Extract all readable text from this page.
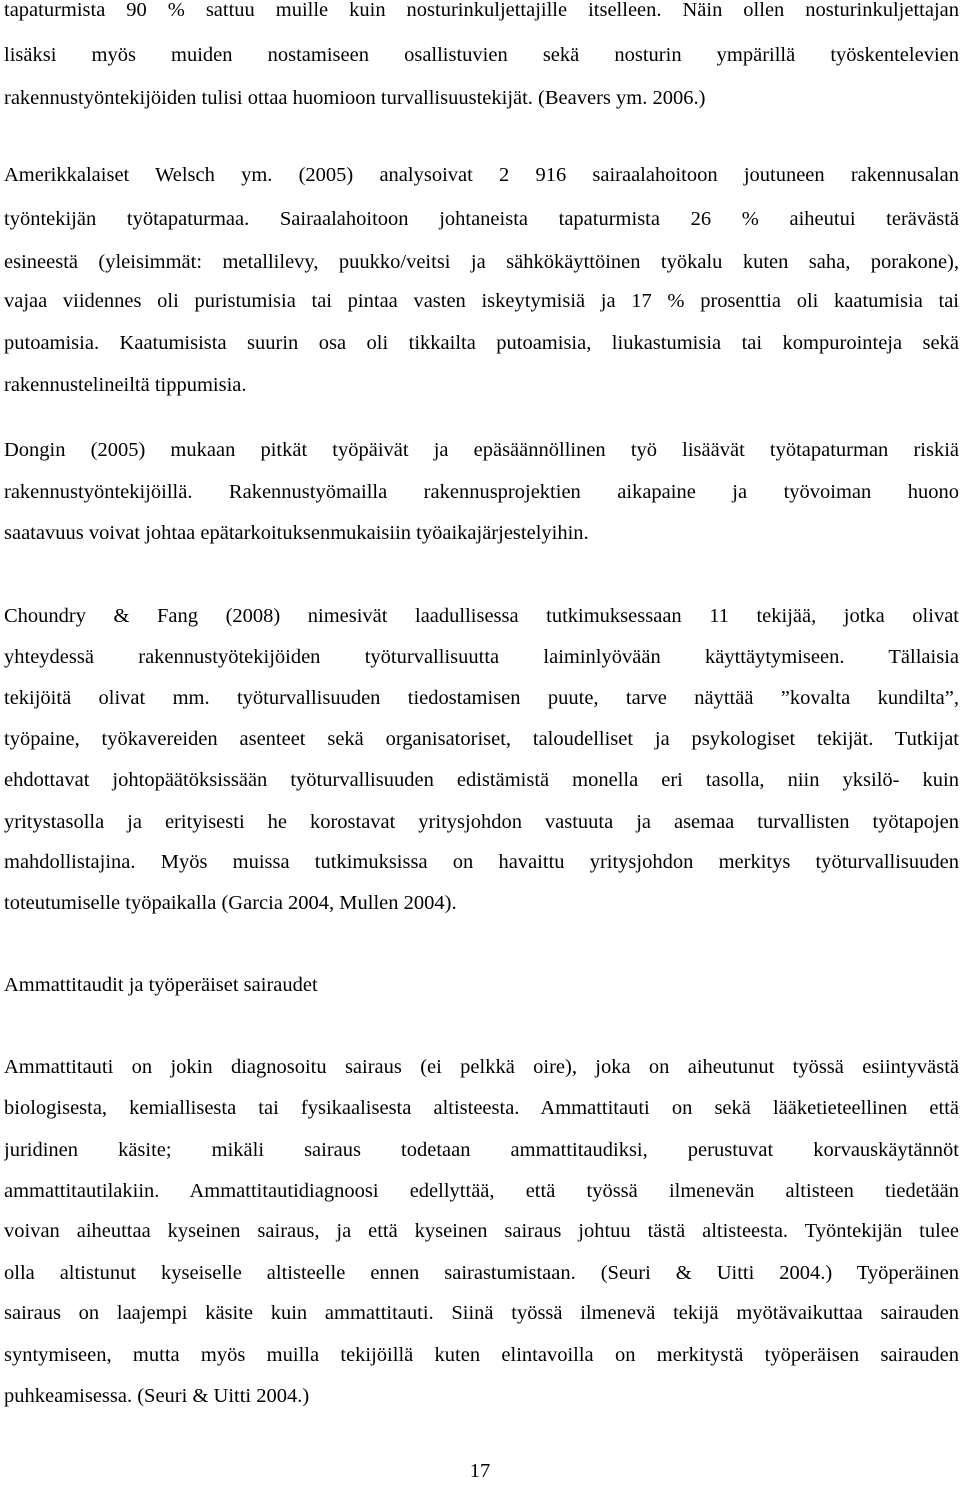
tapaturmista 90 % sattuu muille kuin nosturinkuljettajille itselleen. Näin ollen nosturinkuljettajan
lisäksi myös muiden nostamiseen osallistuvien sekä nosturin ympärillä työskentelevien
rakennustyöntekijöiden tulisi ottaa huomioon turvallisuustekijät. (Beavers ym. 2006.)
Amerikkalaiset Welsch ym. (2005) analysoivat 2 916 sairaalahoitoon joutuneen rakennusalan
työntekijän työtapaturmaa. Sairaalahoitoon johtaneista tapaturmista 26 % aiheutui terävästä
esineestä (yleisimmät: metallilevy, puukko/veitsi ja sähkökäyttöinen työkalu kuten saha, porakone),
vajaa viidennes oli puristumisia tai pintaa vasten iskeytymisiä ja 17 % prosenttia oli kaatumisia tai
putoamisia. Kaatumisista suurin osa oli tikkailta putoamisia, liukastumisia tai kompurointeja sekä
rakennustelineiltä tippumisia.
Dongin (2005) mukaan pitkät työpäivät ja epäsäännöllinen työ lisäävät työtapaturman riskiä
rakennustyöntekijöillä. Rakennustyömailla rakennusprojektien aikapaine ja työvoiman huono
saatavuus voivat johtaa epätarkoituksenmukaisiin työaikajärjestelyihin.
Choundry & Fang (2008) nimesivät laadullisessa tutkimuksessaan 11 tekijää, jotka olivat
yhteydessä rakennustyötekijöiden työturvallisuutta laiminlyövään käyttäytymiseen. Tällaisia
tekijöitä olivat mm. työturvallisuuden tiedostamisen puute, tarve näyttää ”kovalta kundilta”,
työpaine, työkavereiden asenteet sekä organisatoriset, taloudelliset ja psykologiset tekijät. Tutkijat
ehdottavat johtopäätöksissään työturvallisuuden edistämistä monella eri tasolla, niin yksilö- kuin
yritystasolla ja erityisesti he korostavat yritysjohdon vastuuta ja asemaa turvallisten työtapojen
mahdollistajina. Myös muissa tutkimuksissa on havaittu yritysjohdon merkitys työturvallisuuden
toteutumiselle työpaikalla (Garcia 2004, Mullen 2004).
Ammattitaudit ja työperäiset sairaudet
Ammattitauti on jokin diagnosoitu sairaus (ei pelkkä oire), joka on aiheutunut työssä esiintyvästä
biologisesta, kemiallisesta tai fysikaalisesta altisteesta. Ammattitauti on sekä lääketieteellinen että
juridinen käsite; mikäli sairaus todetaan ammattitaudiksi, perustuvat korvauskäytännöt
ammattitautilakiin. Ammattitautidiagnoosi edellyttää, että työssä ilmenevän altisteen tiedetään
voivan aiheuttaa kyseinen sairaus, ja että kyseinen sairaus johtuu tästä altisteesta. Työntekijän tulee
olla altistunut kyseiselle altisteelle ennen sairastumistaan. (Seuri & Uitti 2004.) Työperäinen
sairaus on laajempi käsite kuin ammattitauti. Siinä työssä ilmenevä tekijä myötävaikuttaa sairauden
syntymiseen, mutta myös muilla tekijöillä kuten elintavoilla on merkitystä työperäisen sairauden
puhkeamisessa. (Seuri & Uitti 2004.)
17
